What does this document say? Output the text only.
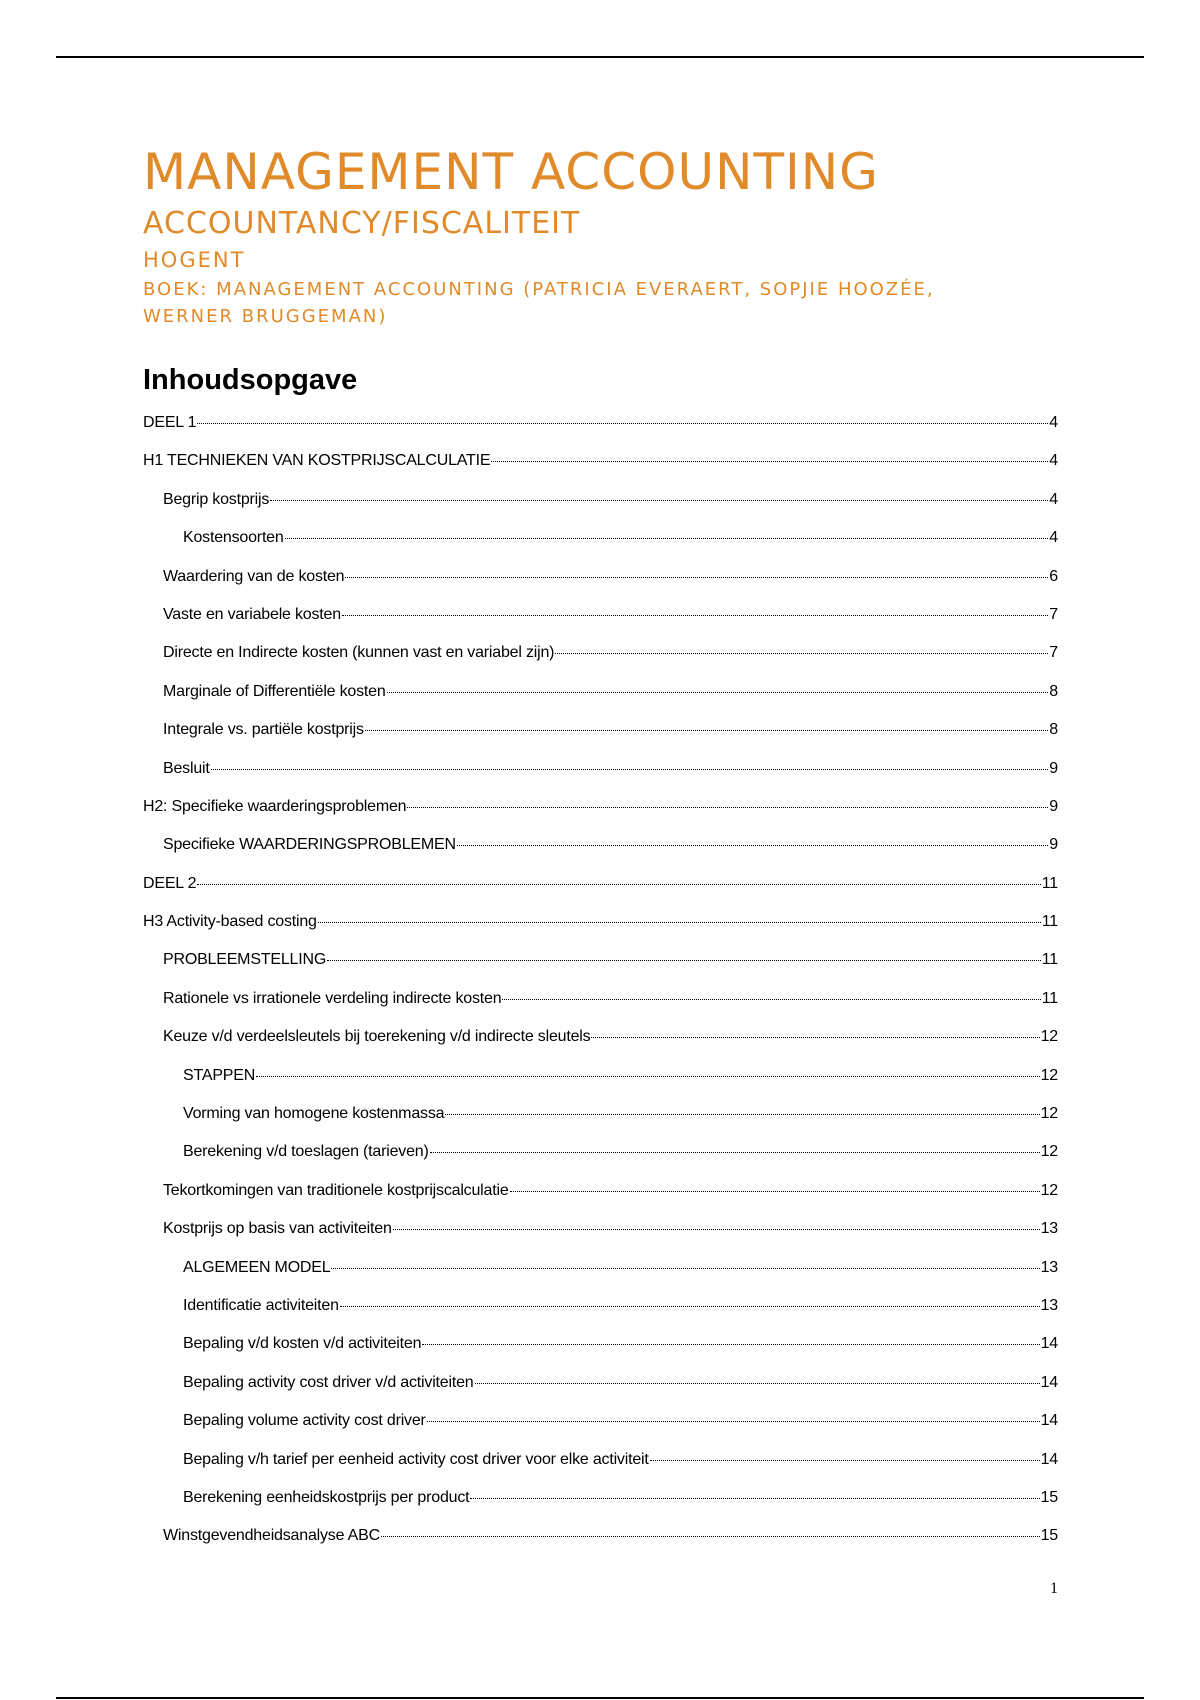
MANAGEMENT ACCOUNTING
ACCOUNTANCY/FISCALITEIT
HOGENT
BOEK: MANAGEMENT ACCOUNTING (PATRICIA EVERAERT, SOPJIE HOOZÉE,
WERNER BRUGGEMAN)
Inhoudsopgave
DEEL 1	4
H1 TECHNIEKEN VAN KOSTPRIJSCALCULATIE	4
Begrip kostprijs	4
Kostensoorten	4
Waardering van de kosten	6
Vaste en variabele kosten	7
Directe en Indirecte kosten (kunnen vast en variabel zijn)	7
Marginale of Differentiële kosten	8
Integrale vs. partiële kostprijs	8
Besluit	9
H2: Specifieke waarderingsproblemen	9
Specifieke WAARDERINGSPROBLEMEN	9
DEEL 2	11
H3 Activity-based costing	11
PROBLEEMSTELLING	11
Rationele vs irrationele verdeling indirecte kosten	11
Keuze v/d verdeelsleutels bij toerekening v/d indirecte sleutels	12
STAPPEN	12
Vorming van homogene kostenmassa	12
Berekening v/d toeslagen (tarieven)	12
Tekortkomingen van traditionele kostprijscalculatie	12
Kostprijs op basis van activiteiten	13
ALGEMEEN MODEL	13
Identificatie activiteiten	13
Bepaling v/d kosten v/d activiteiten	14
Bepaling activity cost driver v/d activiteiten	14
Bepaling volume activity cost driver	14
Bepaling v/h tarief per eenheid activity cost driver voor elke activiteit	14
Berekening eenheidskostprijs per product	15
Winstgevendheidsanalyse ABC	15
1
